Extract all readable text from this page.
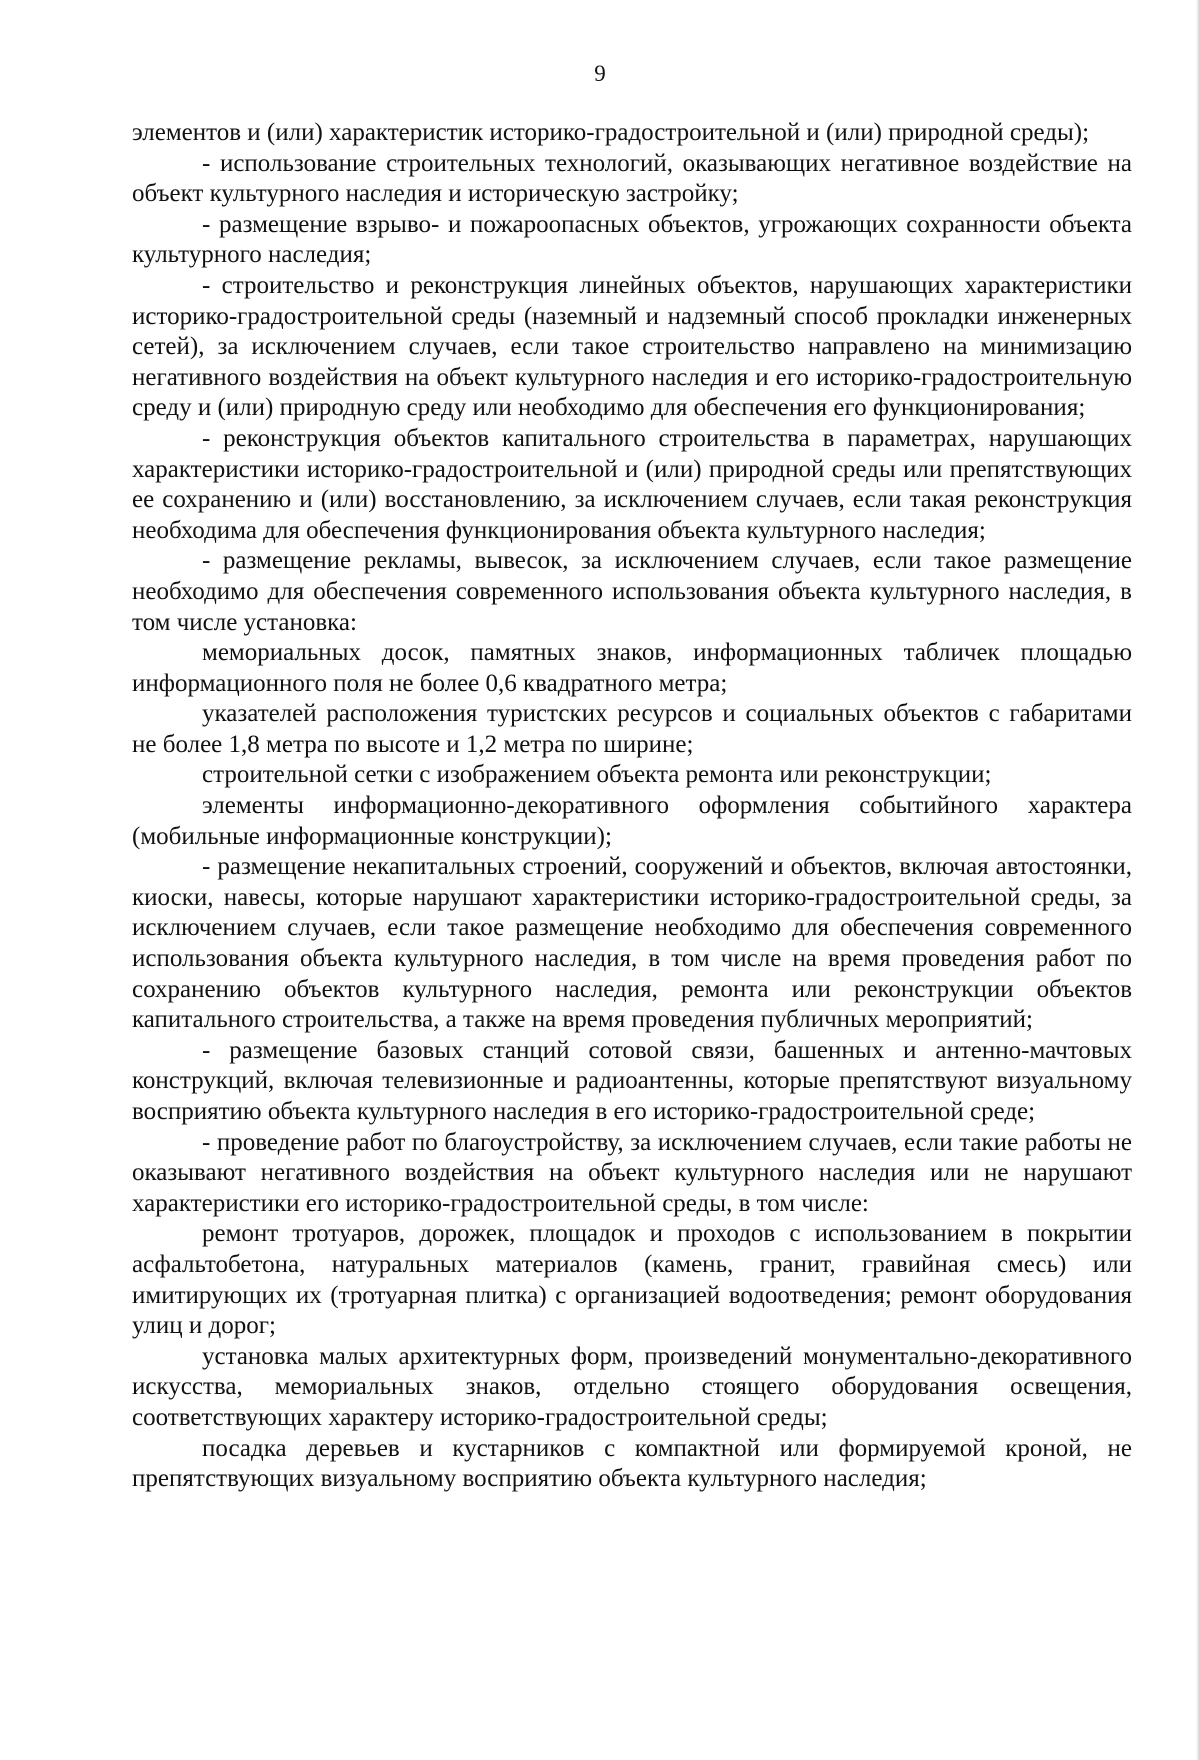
9

элементов и (или) характеристик историко-градостроительной и (или) природной среды);

- использование строительных технологий, оказывающих негативное воздействие на объект культурного наследия и историческую застройку;

- размещение взрыво- и пожароопасных объектов, угрожающих сохранности объекта культурного наследия;

- строительство и реконструкция линейных объектов, нарушающих характеристики историко-градостроительной среды (наземный и надземный способ прокладки инженерных сетей), за исключением случаев, если такое строительство направлено на минимизацию негативного воздействия на объект культурного наследия и его историко-градостроительную среду и (или) природную среду или необходимо для обеспечения его функционирования;

- реконструкция объектов капитального строительства в параметрах, нарушающих характеристики историко-градостроительной и (или) природной среды или препятствующих ее сохранению и (или) восстановлению, за исключением случаев, если такая реконструкция необходима для обеспечения функционирования объекта культурного наследия;

- размещение рекламы, вывесок, за исключением случаев, если такое размещение необходимо для обеспечения современного использования объекта культурного наследия, в том числе установка:

мемориальных досок, памятных знаков, информационных табличек площадью информационного поля не более 0,6 квадратного метра;

указателей расположения туристских ресурсов и социальных объектов с габаритами не более 1,8 метра по высоте и 1,2 метра по ширине;

строительной сетки с изображением объекта ремонта или реконструкции;

элементы информационно-декоративного оформления событийного характера (мобильные информационные конструкции);

- размещение некапитальных строений, сооружений и объектов, включая автостоянки, киоски, навесы, которые нарушают характеристики историко-градостроительной среды, за исключением случаев, если такое размещение необходимо для обеспечения современного использования объекта культурного наследия, в том числе на время проведения работ по сохранению объектов культурного наследия, ремонта или реконструкции объектов капитального строительства, а также на время проведения публичных мероприятий;

- размещение базовых станций сотовой связи, башенных и антенно-мачтовых конструкций, включая телевизионные и радиоантенны, которые препятствуют визуальному восприятию объекта культурного наследия в его историко-градостроительной среде;

- проведение работ по благоустройству, за исключением случаев, если такие работы не оказывают негативного воздействия на объект культурного наследия или не нарушают характеристики его историко-градостроительной среды, в том числе:

ремонт тротуаров, дорожек, площадок и проходов с использованием в покрытии асфальтобетона, натуральных материалов (камень, гранит, гравийная смесь) или имитирующих их (тротуарная плитка) с организацией водоотведения; ремонт оборудования улиц и дорог;

установка малых архитектурных форм, произведений монументально-декоративного искусства, мемориальных знаков, отдельно стоящего оборудования освещения, соответствующих характеру историко-градостроительной среды;

посадка деревьев и кустарников с компактной или формируемой кроной, не препятствующих визуальному восприятию объекта культурного наследия;
